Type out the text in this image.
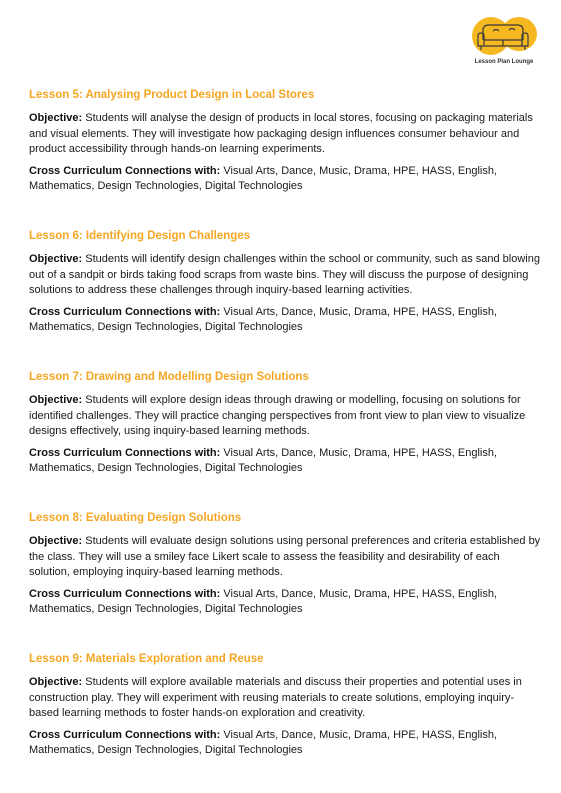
Lesson Plan Lounge
Lesson 5: Analysing Product Design in Local Stores

Objective: Students will analyse the design of products in local stores, focusing on packaging materials and visual elements. They will investigate how packaging design influences consumer behaviour and product accessibility through hands-on learning experiments.

Cross Curriculum Connections with: Visual Arts, Dance, Music, Drama, HPE, HASS, English, Mathematics, Design Technologies, Digital Technologies

Lesson 6: Identifying Design Challenges

Objective: Students will identify design challenges within the school or community, such as sand blowing out of a sandpit or birds taking food scraps from waste bins. They will discuss the purpose of designing solutions to address these challenges through inquiry-based learning activities.

Cross Curriculum Connections with: Visual Arts, Dance, Music, Drama, HPE, HASS, English, Mathematics, Design Technologies, Digital Technologies

Lesson 7: Drawing and Modelling Design Solutions

Objective: Students will explore design ideas through drawing or modelling, focusing on solutions for identified challenges. They will practice changing perspectives from front view to plan view to visualize designs effectively, using inquiry-based learning methods.

Cross Curriculum Connections with: Visual Arts, Dance, Music, Drama, HPE, HASS, English, Mathematics, Design Technologies, Digital Technologies

Lesson 8: Evaluating Design Solutions

Objective: Students will evaluate design solutions using personal preferences and criteria established by the class. They will use a smiley face Likert scale to assess the feasibility and desirability of each solution, employing inquiry-based learning methods.

Cross Curriculum Connections with: Visual Arts, Dance, Music, Drama, HPE, HASS, English, Mathematics, Design Technologies, Digital Technologies

Lesson 9: Materials Exploration and Reuse

Objective: Students will explore available materials and discuss their properties and potential uses in construction play. They will experiment with reusing materials to create solutions, employing inquiry-based learning methods to foster hands-on exploration and creativity.

Cross Curriculum Connections with: Visual Arts, Dance, Music, Drama, HPE, HASS, English, Mathematics, Design Technologies, Digital Technologies
